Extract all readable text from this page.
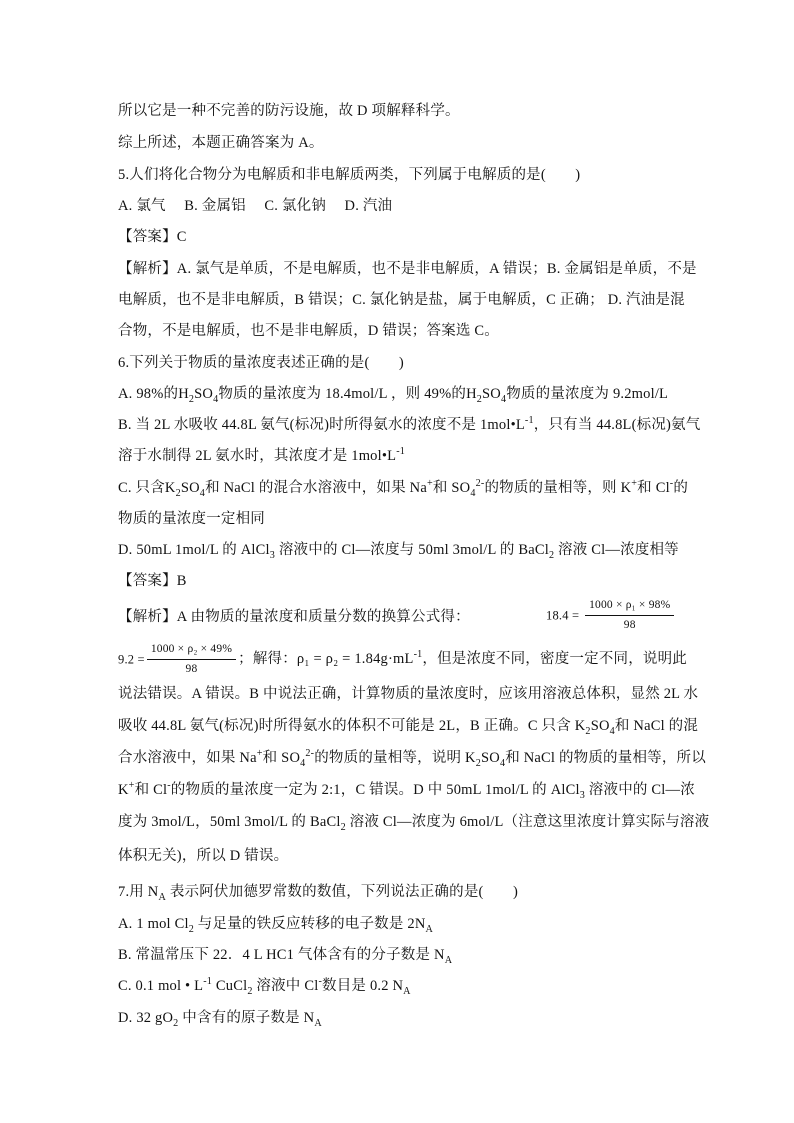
所以它是一种不完善的防污设施，故 D 项解释科学。
综上所述，本题正确答案为 A。
5.人们将化合物分为电解质和非电解质两类，下列属于电解质的是(　　)
A. 氯气　 B. 金属铝　 C. 氯化钠　 D. 汽油
【答案】C
【解析】A. 氯气是单质，不是电解质，也不是非电解质，A 错误；B. 金属铝是单质，不是
电解质，也不是非电解质，B 错误；C. 氯化钠是盐，属于电解质，C 正确； D. 汽油是混
合物，不是电解质，也不是非电解质，D 错误；答案选 C。
6.下列关于物质的量浓度表述正确的是(　　)
A. 98%的$H_2SO_4$物质的量浓度为 18.4mol/L ，则 49%的$H_2SO_4$物质的量浓度为 9.2mol/L
B. 当 2L 水吸收 44.8L 氨气(标况)时所得氨水的浓度不是 $1mol•L^{-1}$，只有当 44.8L(标况)氨气
溶于水制得 2L 氨水时，其浓度才是 $1mol•L^{-1}$
C. 只含$K_2SO_4$和 NaCl 的混合水溶液中，如果 Na+和 $SO_4^{2-}$的物质的量相等，则 K+和 Cl-的
物质的量浓度一定相同
D. 50mL 1mol/L 的 AlCl$_3$ 溶液中的 Cl—浓度与 50ml 3mol/L 的 BaCl$_2$ 溶液 Cl—浓度相等
【答案】B
【解析】A 由物质的量浓度和质量分数的换算公式得：	$18.4 = \frac{\text{1000 × ρ₁ × 98\%}}{98}$
$9.2 = \frac{\text{1000 × ρ₂ × 49\%}}{98}$ ；解得：$\rho_1 = \rho_2 = 1.84g\cdot mL^{-1}$，但是浓度不同，密度一定不同，说明此
说法错误。A 错误。B 中说法正确，计算物质的量浓度时，应该用溶液总体积，显然 2L 水
吸收 44.8L 氨气(标况)时所得氨水的体积不可能是 2L，B 正确。C 只含 $K_2SO_4$和 NaCl 的混
合水溶液中，如果 Na+和 $SO_4^{2-}$的物质的量相等，说明 $K_2SO_4$和 NaCl 的物质的量相等，所以
K+和 Cl-的物质的量浓度一定为 2:1，C 错误。D 中 50mL 1mol/L 的 AlCl$_3$ 溶液中的 Cl—浓
度为 3mol/L，50ml 3mol/L 的 BaCl$_2$ 溶液 Cl—浓度为 6mol/L（注意这里浓度计算实际与溶液
体积无关)，所以 D 错误。
7.用 $N_A$ 表示阿伏加德罗常数的数值，下列说法正确的是(　　)
A. 1 mol $Cl_2$ 与足量的铁反应转移的电子数是 $2N_A$
B. 常温常压下 22．4 L HC1 气体含有的分子数是 $N_A$
C. 0.1 mol • $L^{-1}$ CuCl$_2$ 溶液中 Cl-数目是 0.2 $N_A$
D. 32 $gO_2$ 中含有的原子数是 $N_A$
